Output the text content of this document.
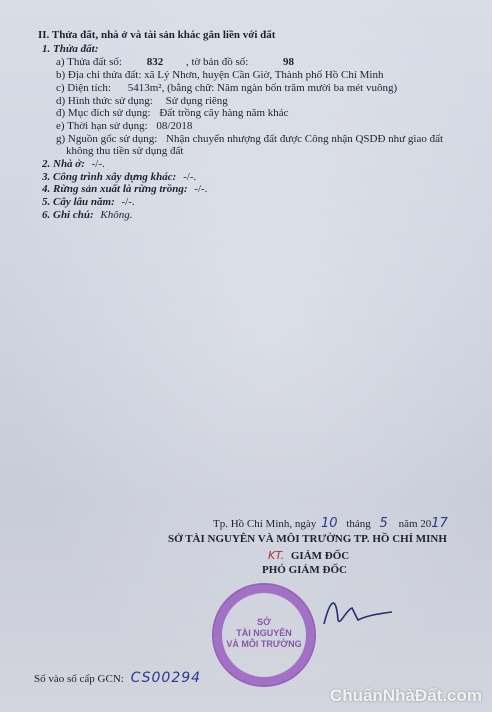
II. Thửa đất, nhà ở và tài sản khác gắn liền với đất
1. Thửa đất:
a) Thửa đất số: 832 , tờ bản đồ số:	98
b) Địa chỉ thửa đất: xã Lý Nhơn, huyện Cần Giờ, Thành phố Hồ Chí Minh
c) Diện tích: 5413m², (bằng chữ: Năm ngàn bốn trăm mười ba mét vuông)
d) Hình thức sử dụng: Sử dụng riêng
đ) Mục đích sử dụng: Đất trồng cây hàng năm khác
e) Thời hạn sử dụng: 08/2018
g) Nguồn gốc sử dụng: Nhận chuyển nhượng đất được Công nhận QSDĐ như giao đất
không thu tiền sử dụng đất
2. Nhà ở: -/-.
3. Công trình xây dựng khác: -/-.
4. Rừng sản xuất là rừng trồng: -/-.
5. Cây lâu năm: -/-.
6. Ghi chú: Không.
Tp. Hồ Chí Minh, ngày 10 tháng 5 năm 2017
SỞ TÀI NGUYÊN VÀ MÔI TRƯỜNG TP. HỒ CHÍ MINH
KT. GIÁM ĐỐC
PHÓ GIÁM ĐỐC
SỞ
TÀI NGUYÊN
VÀ MÔI TRƯỜNG
Số vào sổ cấp GCN: CS00294
ChuẩnNhàĐất.com
